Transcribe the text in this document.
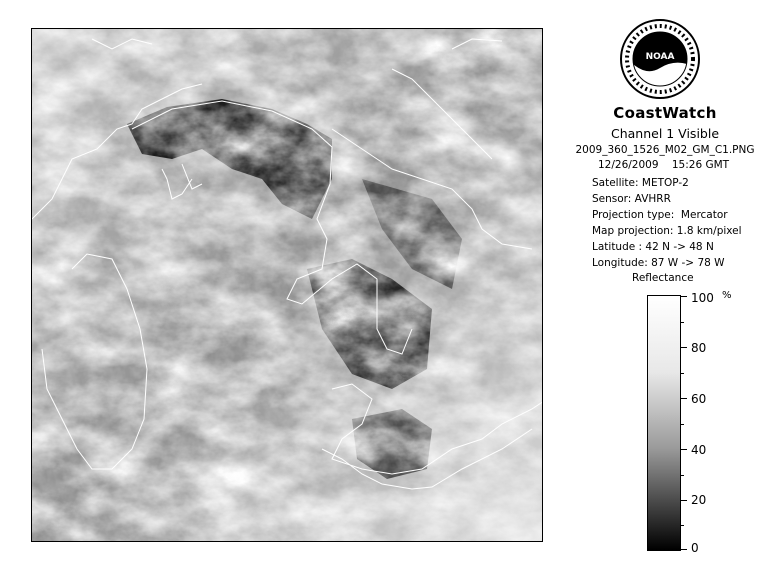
NOAA
CoastWatch
Channel 1 Visible
2009_360_1526_M02_GM_C1.PNG
12/26/2009    15:26 GMT
Satellite: METOP-2
Sensor: AVHRR
Projection type:  Mercator
Map projection: 1.8 km/pixel
Latitude : 42 N -> 48 N
Longitude: 87 W -> 78 W
Reflectance
%
100
80
60
40
20
0
